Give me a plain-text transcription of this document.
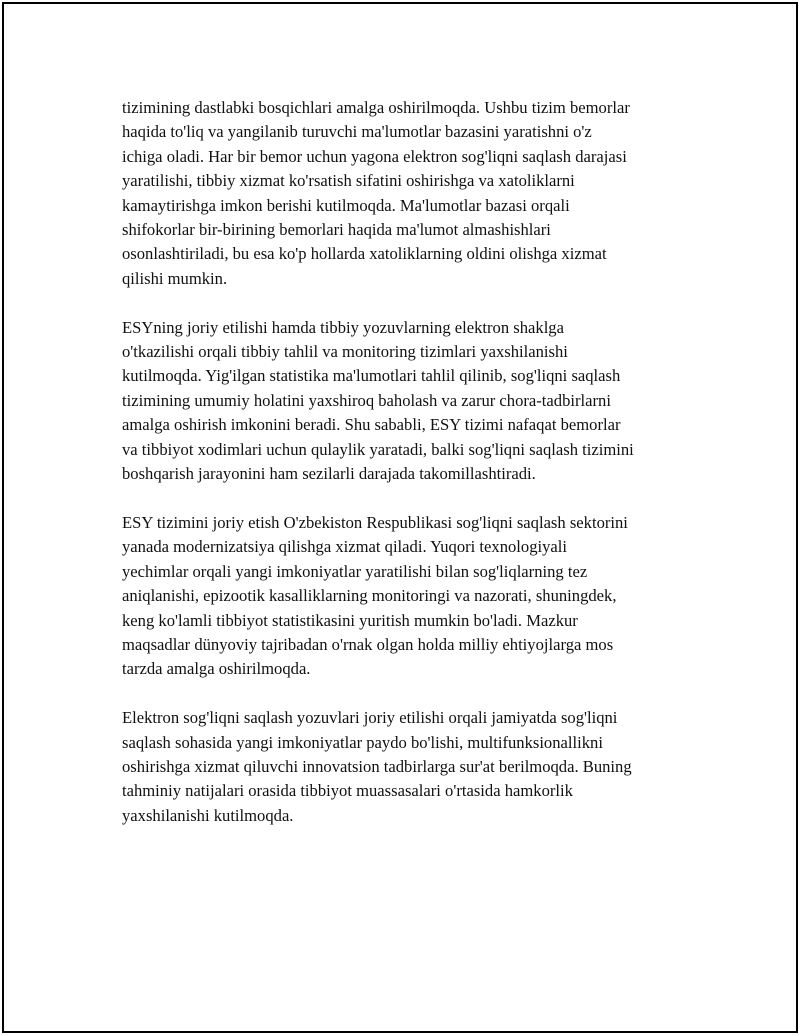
tizimining dastlabki bosqichlari amalga oshirilmoqda. Ushbu tizim bemorlar
haqida to'liq va yangilanib turuvchi ma'lumotlar bazasini yaratishni o'z
ichiga oladi. Har bir bemor uchun yagona elektron sog'liqni saqlash darajasi
yaratilishi, tibbiy xizmat ko'rsatish sifatini oshirishga va xatoliklarni
kamaytirishga imkon berishi kutilmoqda. Ma'lumotlar bazasi orqali
shifokorlar bir-birining bemorlari haqida ma'lumot almashishlari
osonlashtiriladi, bu esa ko'p hollarda xatoliklarning oldini olishga xizmat
qilishi mumkin.

ESYning joriy etilishi hamda tibbiy yozuvlarning elektron shaklga
o'tkazilishi orqali tibbiy tahlil va monitoring tizimlari yaxshilanishi
kutilmoqda. Yig'ilgan statistika ma'lumotlari tahlil qilinib, sog'liqni saqlash
tizimining umumiy holatini yaxshiroq baholash va zarur chora-tadbirlarni
amalga oshirish imkonini beradi. Shu sababli, ESY tizimi nafaqat bemorlar
va tibbiyot xodimlari uchun qulaylik yaratadi, balki sog'liqni saqlash tizimini
boshqarish jarayonini ham sezilarli darajada takomillashtiradi.

ESY tizimini joriy etish O'zbekiston Respublikasi sog'liqni saqlash sektorini
yanada modernizatsiya qilishga xizmat qiladi. Yuqori texnologiyali
yechimlar orqali yangi imkoniyatlar yaratilishi bilan sog'liqlarning tez
aniqlanishi, epizootik kasalliklarning monitoringi va nazorati, shuningdek,
keng ko'lamli tibbiyot statistikasini yuritish mumkin bo'ladi. Mazkur
maqsadlar dünyoviy tajribadan o'rnak olgan holda milliy ehtiyojlarga mos
tarzda amalga oshirilmoqda.

Elektron sog'liqni saqlash yozuvlari joriy etilishi orqali jamiyatda sog'liqni
saqlash sohasida yangi imkoniyatlar paydo bo'lishi, multifunksionallikni
oshirishga xizmat qiluvchi innovatsion tadbirlarga sur'at berilmoqda. Buning
tahminiy natijalari orasida tibbiyot muassasalari o'rtasida hamkorlik
yaxshilanishi kutilmoqda.
